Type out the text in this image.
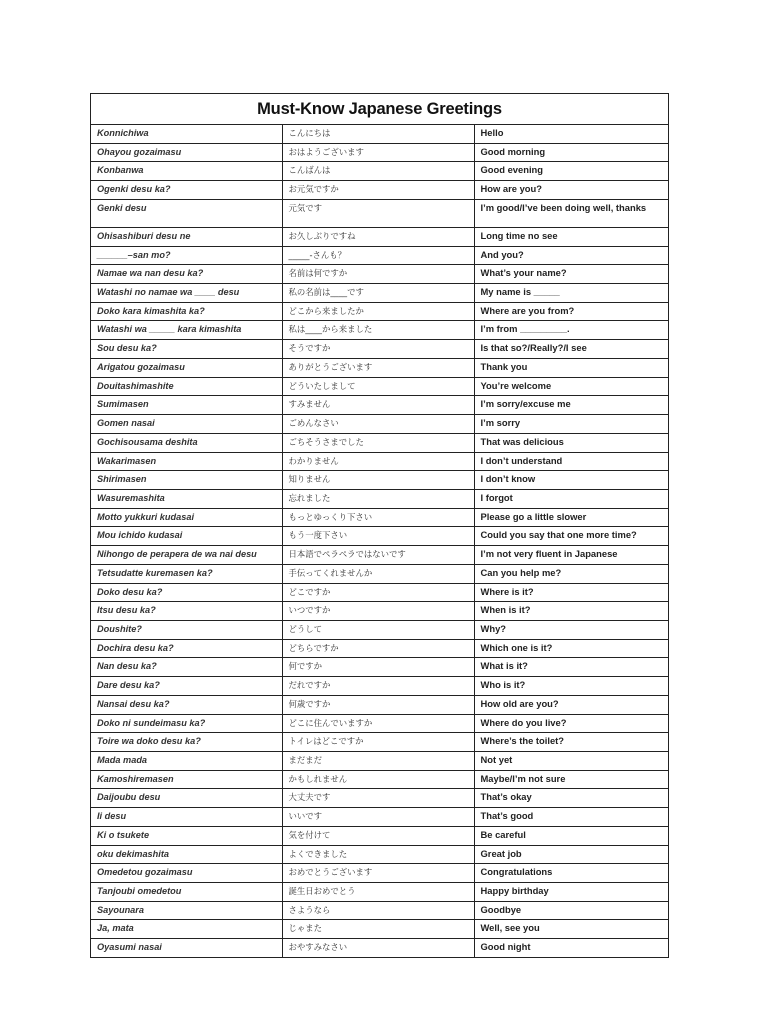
Must-Know Japanese Greetings
Konnichiwa	こんにちは	Hello
Ohayou gozaimasu	おはようございます	Good morning
Konbanwa	こんばんは	Good evening
Ogenki desu ka?	お元気ですか	How are you?
Genki desu	元気です	I’m good/I’ve been doing well, thanks
Ohisashiburi desu ne	お久しぶりですね	Long time no see
______–san mo?	_____-さんも？	And you?
Namae wa nan desu ka?	名前は何ですか	What’s your name?
Watashi no namae wa ____ desu	私の名前は____です	My name is _____
Doko kara kimashita ka?	どこから来ましたか	Where are you from?
Watashi wa _____ kara kimashita	私は____から来ました	I’m from _________.
Sou desu ka?	そうですか	Is that so?/Really?/I see
Arigatou gozaimasu	ありがとうございます	Thank you
Douitashimashite	どういたしまして	You’re welcome
Sumimasen	すみません	I’m sorry/excuse me
Gomen nasai	ごめんなさい	I’m sorry
Gochisousama deshita	ごちそうさまでした	That was delicious
Wakarimasen	わかりません	I don’t understand
Shirimasen	知りません	I don’t know
Wasuremashita	忘れました	I forgot
Motto yukkuri kudasai	もっとゆっくり下さい	Please go a little slower
Mou ichido kudasai	もう一度下さい	Could you say that one more time?
Nihongo de perapera de wa nai desu	日本語でペラペラではないです	I’m not very fluent in Japanese
Tetsudatte kuremasen ka?	手伝ってくれませんか	Can you help me?
Doko desu ka?	どこですか	Where is it?
Itsu desu ka?	いつですか	When is it?
Doushite?	どうして	Why?
Dochira desu ka?	どちらですか	Which one is it?
Nan desu ka?	何ですか	What is it?
Dare desu ka?	だれですか	Who is it?
Nansai desu ka?	何歳ですか	How old are you?
Doko ni sundeimasu ka?	どこに住んでいますか	Where do you live?
Toire wa doko desu ka?	トイレはどこですか	Where’s the toilet?
Mada mada	まだまだ	Not yet
Kamoshiremasen	かもしれません	Maybe/I’m not sure
Daijoubu desu	大丈夫です	That’s okay
Ii desu	いいです	That’s good
Ki o tsukete	気を付けて	Be careful
oku dekimashita	よくできました	Great job
Omedetou gozaimasu	おめでとうございます	Congratulations
Tanjoubi omedetou	誕生日おめでとう	Happy birthday
Sayounara	さようなら	Goodbye
Ja, mata	じゃまた	Well, see you
Oyasumi nasai	おやすみなさい	Good night
